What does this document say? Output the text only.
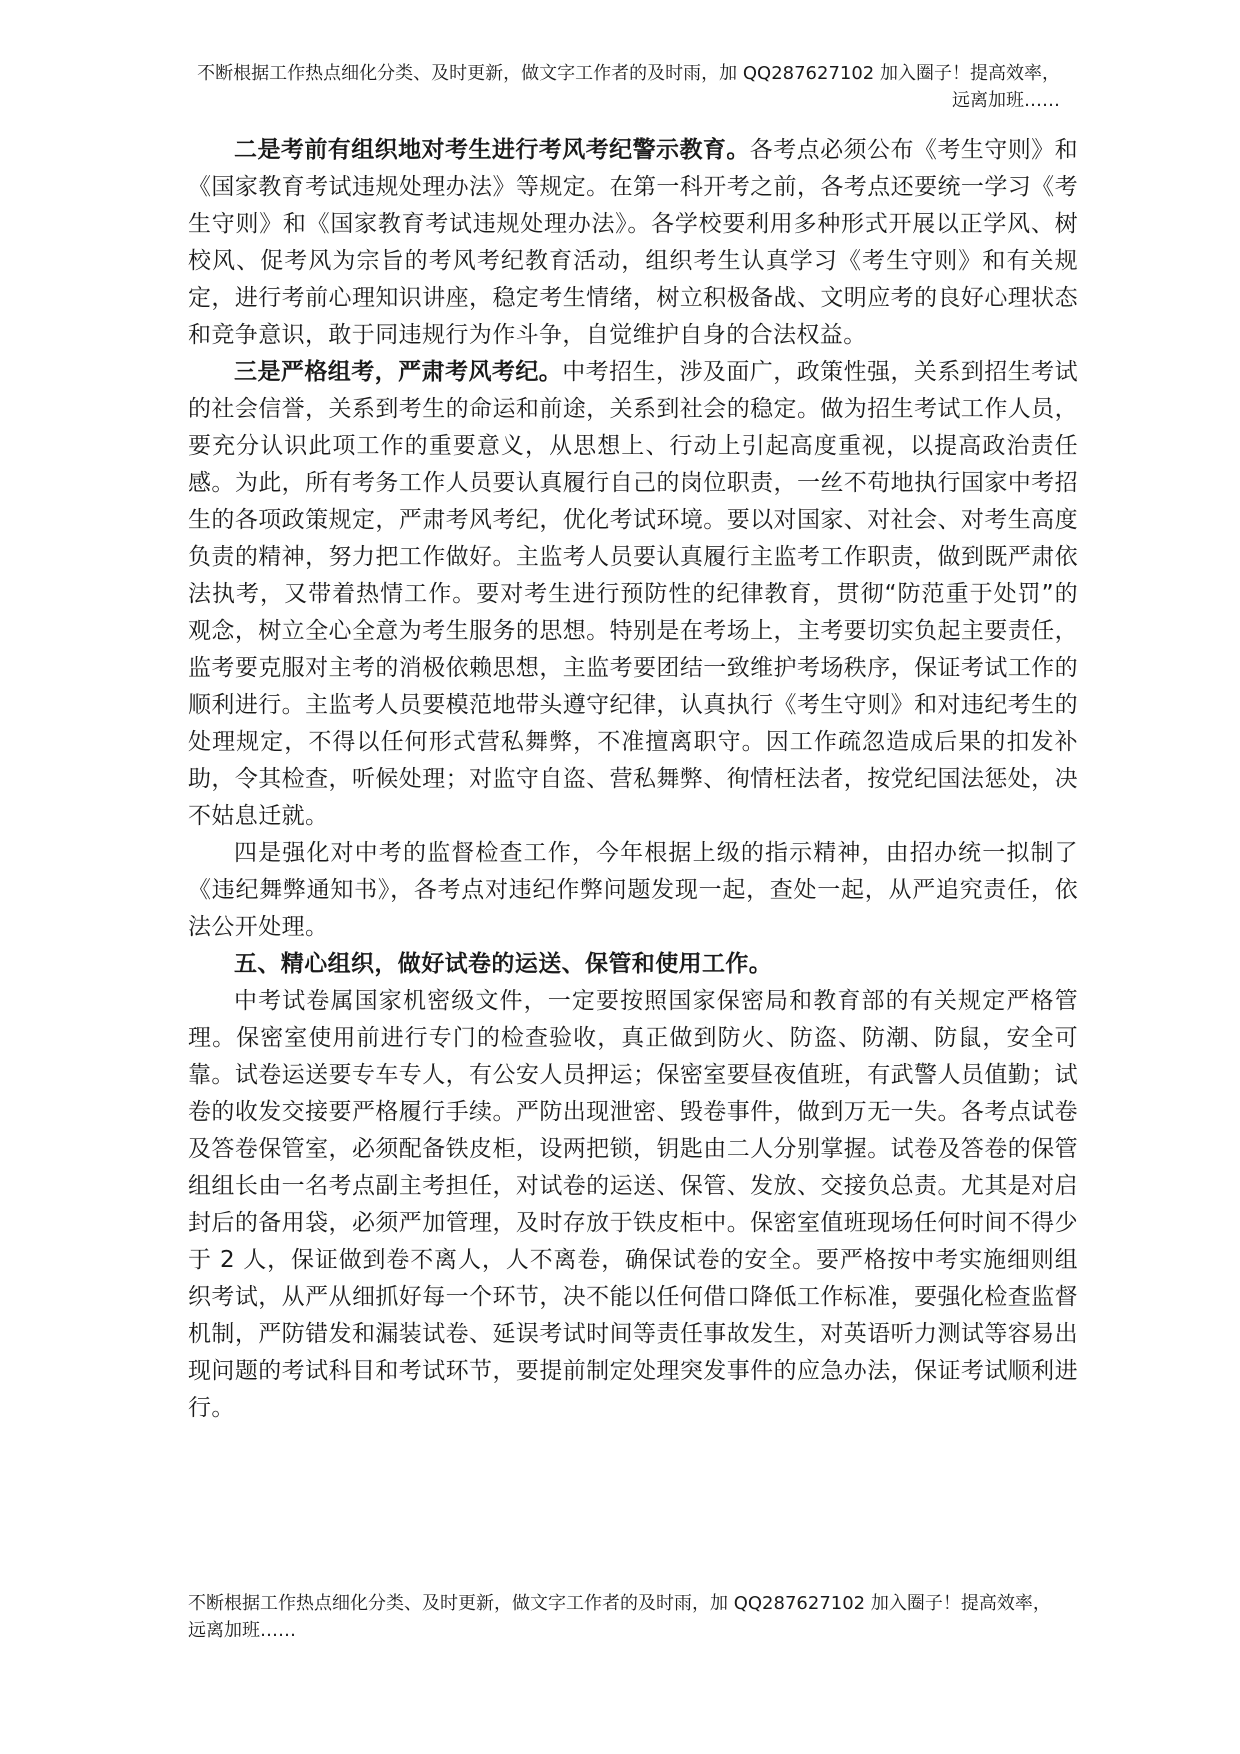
不断根据工作热点细化分类、及时更新，做文字工作者的及时雨，加 QQ287627102 加入圈子！提高效率，远离加班……

二是考前有组织地对考生进行考风考纪警示教育。各考点必须公布《考生守则》和《国家教育考试违规处理办法》等规定。在第一科开考之前，各考点还要统一学习《考生守则》和《国家教育考试违规处理办法》。各学校要利用多种形式开展以正学风、树校风、促考风为宗旨的考风考纪教育活动，组织考生认真学习《考生守则》和有关规定，进行考前心理知识讲座，稳定考生情绪，树立积极备战、文明应考的良好心理状态和竞争意识，敢于同违规行为作斗争，自觉维护自身的合法权益。

三是严格组考，严肃考风考纪。中考招生，涉及面广，政策性强，关系到招生考试的社会信誉，关系到考生的命运和前途，关系到社会的稳定。做为招生考试工作人员，要充分认识此项工作的重要意义，从思想上、行动上引起高度重视，以提高政治责任感。为此，所有考务工作人员要认真履行自己的岗位职责，一丝不苟地执行国家中考招生的各项政策规定，严肃考风考纪，优化考试环境。要以对国家、对社会、对考生高度负责的精神，努力把工作做好。主监考人员要认真履行主监考工作职责，做到既严肃依法执考，又带着热情工作。要对考生进行预防性的纪律教育，贯彻“防范重于处罚”的观念，树立全心全意为考生服务的思想。特别是在考场上，主考要切实负起主要责任，监考要克服对主考的消极依赖思想，主监考要团结一致维护考场秩序，保证考试工作的顺利进行。主监考人员要模范地带头遵守纪律，认真执行《考生守则》和对违纪考生的处理规定，不得以任何形式营私舞弊，不准擅离职守。因工作疏忽造成后果的扣发补助，令其检查，听候处理；对监守自盗、营私舞弊、徇情枉法者，按党纪国法惩处，决不姑息迁就。

四是强化对中考的监督检查工作，今年根据上级的指示精神，由招办统一拟制了《违纪舞弊通知书》，各考点对违纪作弊问题发现一起，查处一起，从严追究责任，依法公开处理。

五、精心组织，做好试卷的运送、保管和使用工作。

中考试卷属国家机密级文件，一定要按照国家保密局和教育部的有关规定严格管理。保密室使用前进行专门的检查验收，真正做到防火、防盗、防潮、防鼠，安全可靠。试卷运送要专车专人，有公安人员押运；保密室要昼夜值班，有武警人员值勤；试卷的收发交接要严格履行手续。严防出现泄密、毁卷事件，做到万无一失。各考点试卷及答卷保管室，必须配备铁皮柜，设两把锁，钥匙由二人分别掌握。试卷及答卷的保管组组长由一名考点副主考担任，对试卷的运送、保管、发放、交接负总责。尤其是对启封后的备用袋，必须严加管理，及时存放于铁皮柜中。保密室值班现场任何时间不得少于 2 人，保证做到卷不离人，人不离卷，确保试卷的安全。要严格按中考实施细则组织考试，从严从细抓好每一个环节，决不能以任何借口降低工作标准，要强化检查监督机制，严防错发和漏装试卷、延误考试时间等责任事故发生，对英语听力测试等容易出现问题的考试科目和考试环节，要提前制定处理突发事件的应急办法，保证考试顺利进行。

不断根据工作热点细化分类、及时更新，做文字工作者的及时雨，加 QQ287627102 加入圈子！提高效率，远离加班……
